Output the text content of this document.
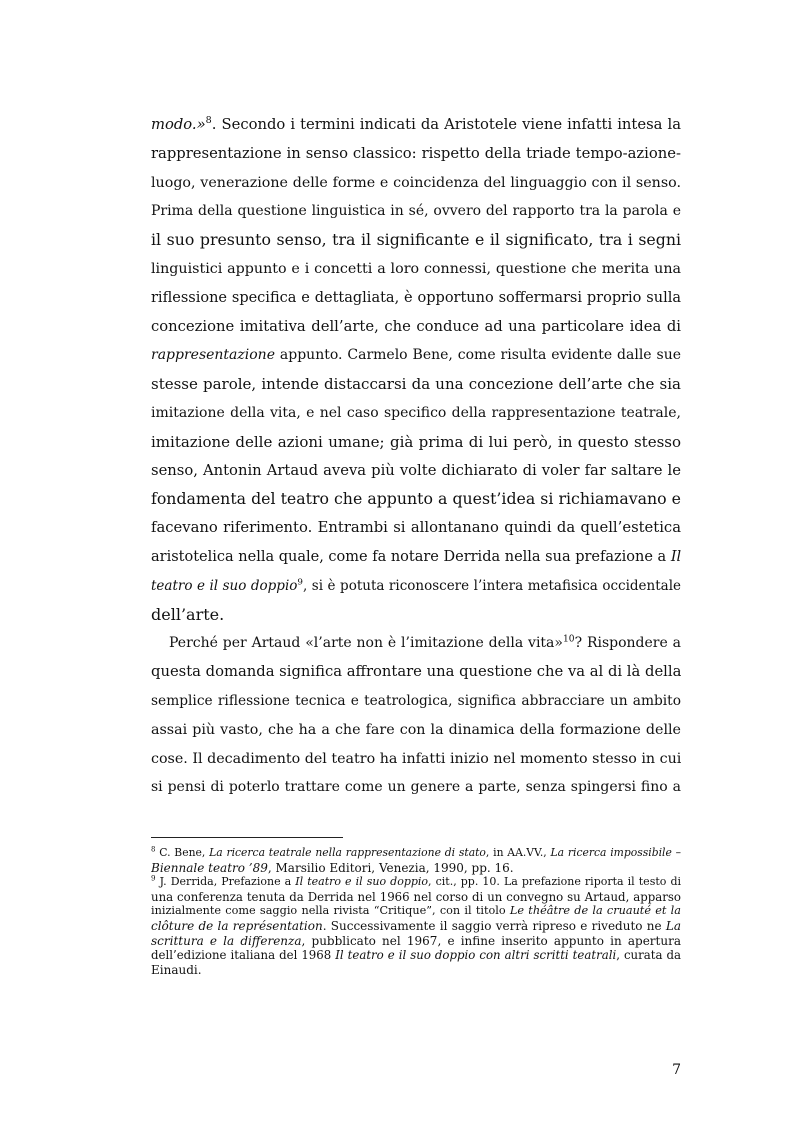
modo.»$^8$. Secondo i termini indicati da Aristotele viene infatti intesa la
rappresentazione in senso classico: rispetto della triade tempo-azione-
luogo, venerazione delle forme e coincidenza del linguaggio con il senso.
Prima della questione linguistica in sé, ovvero del rapporto tra la parola e
il suo presunto senso, tra il significante e il significato, tra i segni
linguistici appunto e i concetti a loro connessi, questione che merita una
riflessione specifica e dettagliata, è opportuno soffermarsi proprio sulla
concezione imitativa dell’arte, che conduce ad una particolare idea di
rappresentazione appunto. Carmelo Bene, come risulta evidente dalle sue
stesse parole, intende distaccarsi da una concezione dell’arte che sia
imitazione della vita, e nel caso specifico della rappresentazione teatrale,
imitazione delle azioni umane; già prima di lui però, in questo stesso
senso, Antonin Artaud aveva più volte dichiarato di voler far saltare le
fondamenta del teatro che appunto a quest’idea si richiamavano e
facevano riferimento. Entrambi si allontanano quindi da quell’estetica
aristotelica nella quale, come fa notare Derrida nella sua prefazione a Il
teatro e il suo doppio$^9$, si è potuta riconoscere l’intera metafisica occidentale
dell’arte.
Perché per Artaud «l’arte non è l’imitazione della vita»$^{10}$? Rispondere a
questa domanda significa affrontare una questione che va al di là della
semplice riflessione tecnica e teatrologica, significa abbracciare un ambito
assai più vasto, che ha a che fare con la dinamica della formazione delle
cose. Il decadimento del teatro ha infatti inizio nel momento stesso in cui
si pensi di poterlo trattare come un genere a parte, senza spingersi fino a
$^8$ C. Bene, La ricerca teatrale nella rappresentazione di stato, in AA.VV., La ricerca impossibile –
Biennale teatro ’89, Marsilio Editori, Venezia, 1990, pp. 16.
$^9$ J. Derrida, Prefazione a Il teatro e il suo doppio, cit., pp. 10. La prefazione riporta il testo di
una conferenza tenuta da Derrida nel 1966 nel corso di un convegno su Artaud, apparso
inizialmente come saggio nella rivista “Critique”, con il titolo Le théâtre de la cruauté et la
clôture de la représentation. Successivamente il saggio verrà ripreso e riveduto ne La
scrittura e la differenza, pubblicato nel 1967, e infine inserito appunto in apertura
dell’edizione italiana del 1968 Il teatro e il suo doppio con altri scritti teatrali, curata da
Einaudi.
7
